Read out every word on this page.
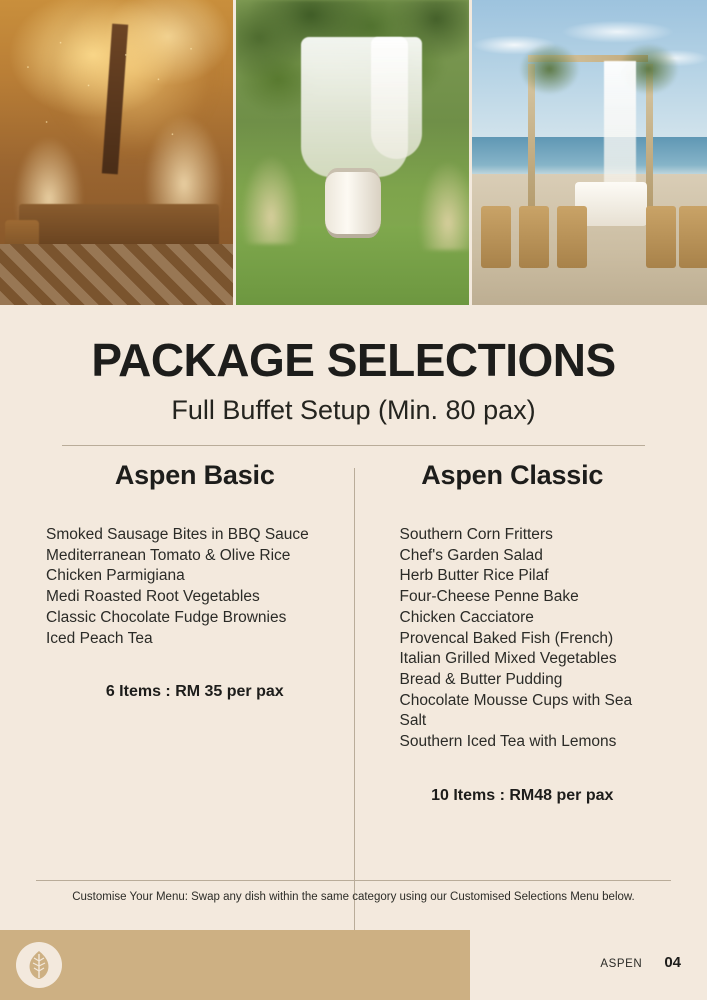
PACKAGE SELECTIONS
Full Buffet Setup (Min. 80 pax)
Aspen Basic
Smoked Sausage Bites in BBQ Sauce
Mediterranean Tomato & Olive Rice
Chicken Parmigiana
Medi Roasted Root Vegetables
Classic Chocolate Fudge Brownies
Iced Peach Tea
6 Items : RM 35 per pax
Aspen Classic
Southern Corn Fritters
Chef's Garden Salad
Herb Butter Rice Pilaf
Four-Cheese Penne Bake
Chicken Cacciatore
Provencal Baked Fish (French)
Italian Grilled Mixed Vegetables
Bread & Butter Pudding
Chocolate Mousse Cups with Sea Salt
Southern Iced Tea with Lemons
10 Items : RM48 per pax
Customise Your Menu: Swap any dish within the same category using our Customised Selections Menu below.
ASPEN 04
